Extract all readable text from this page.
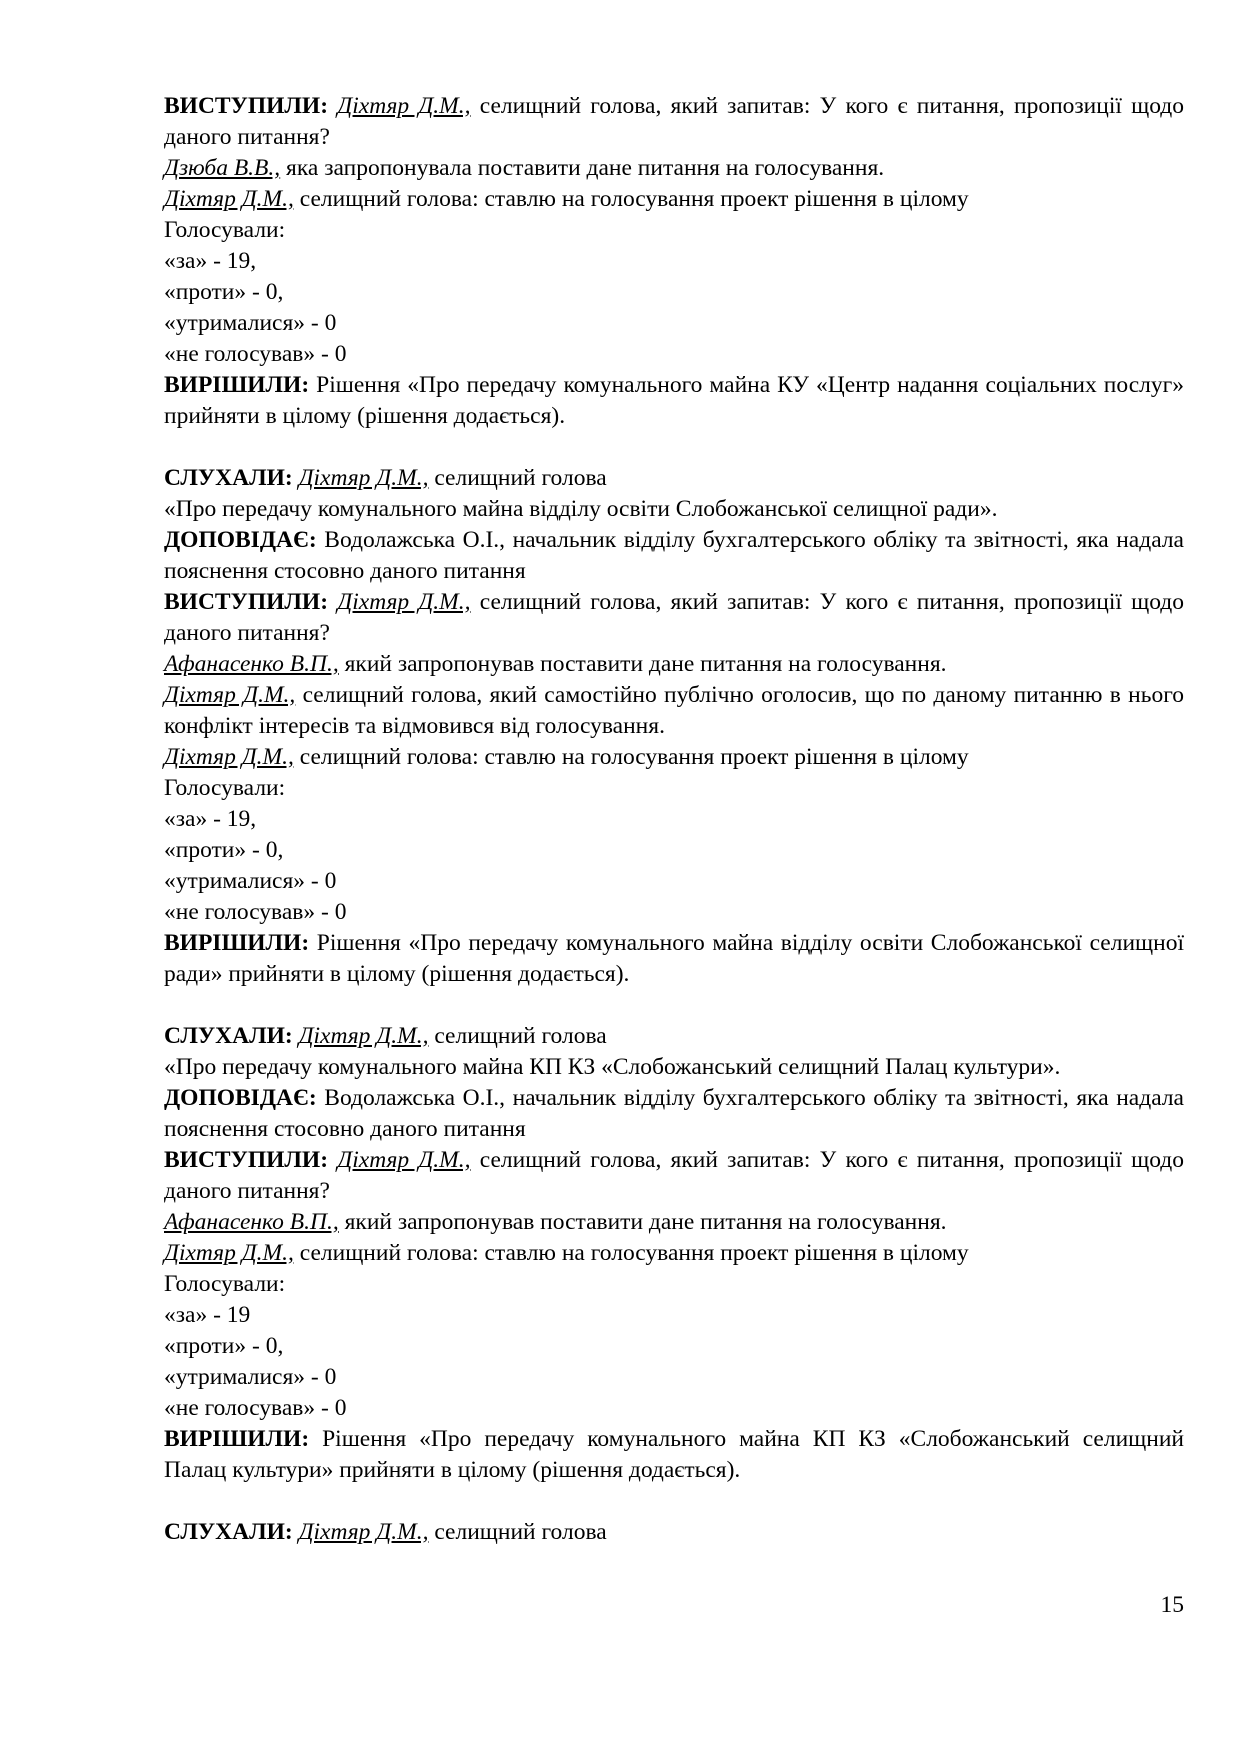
ВИСТУПИЛИ: Діхтяр Д.М., селищний голова, який запитав: У кого є питання, пропозиції щодо даного питання?

Дзюба В.В., яка запропонувала поставити дане питання на голосування.

Діхтяр Д.М., селищний голова: ставлю на голосування проект рішення в цілому

Голосували:

«за» - 19,

«проти» - 0,

«утрималися» - 0

«не голосував» - 0

ВИРІШИЛИ: Рішення «Про передачу комунального майна КУ «Центр надання соціальних послуг» прийняти в цілому (рішення додається).

СЛУХАЛИ: Діхтяр Д.М., селищний голова

«Про передачу комунального майна відділу освіти Слобожанської селищної ради».

ДОПОВІДАЄ: Водолажська О.І., начальник відділу бухгалтерського обліку та звітності, яка надала пояснення стосовно даного питання

ВИСТУПИЛИ: Діхтяр Д.М., селищний голова, який запитав: У кого є питання, пропозиції щодо даного питання?

Афанасенко В.П., який запропонував поставити дане питання на голосування.

Діхтяр Д.М., селищний голова, який самостійно публічно оголосив, що по даному питанню в нього конфлікт інтересів та відмовився від голосування.

Діхтяр Д.М., селищний голова: ставлю на голосування проект рішення в цілому

Голосували:

«за» - 19,

«проти» - 0,

«утрималися» - 0

«не голосував» - 0

ВИРІШИЛИ: Рішення «Про передачу комунального майна відділу освіти Слобожанської селищної ради» прийняти в цілому (рішення додається).

СЛУХАЛИ: Діхтяр Д.М., селищний голова

«Про передачу комунального майна КП КЗ «Слобожанський селищний Палац культури».

ДОПОВІДАЄ: Водолажська О.І., начальник відділу бухгалтерського обліку та звітності, яка надала пояснення стосовно даного питання

ВИСТУПИЛИ: Діхтяр Д.М., селищний голова, який запитав: У кого є питання, пропозиції щодо даного питання?

Афанасенко В.П., який запропонував поставити дане питання на голосування.

Діхтяр Д.М., селищний голова: ставлю на голосування проект рішення в цілому

Голосували:

«за» - 19

«проти» - 0,

«утрималися» - 0

«не голосував» - 0

ВИРІШИЛИ: Рішення «Про передачу комунального майна КП КЗ «Слобожанський селищний Палац культури» прийняти в цілому (рішення додається).

СЛУХАЛИ: Діхтяр Д.М., селищний голова

15
